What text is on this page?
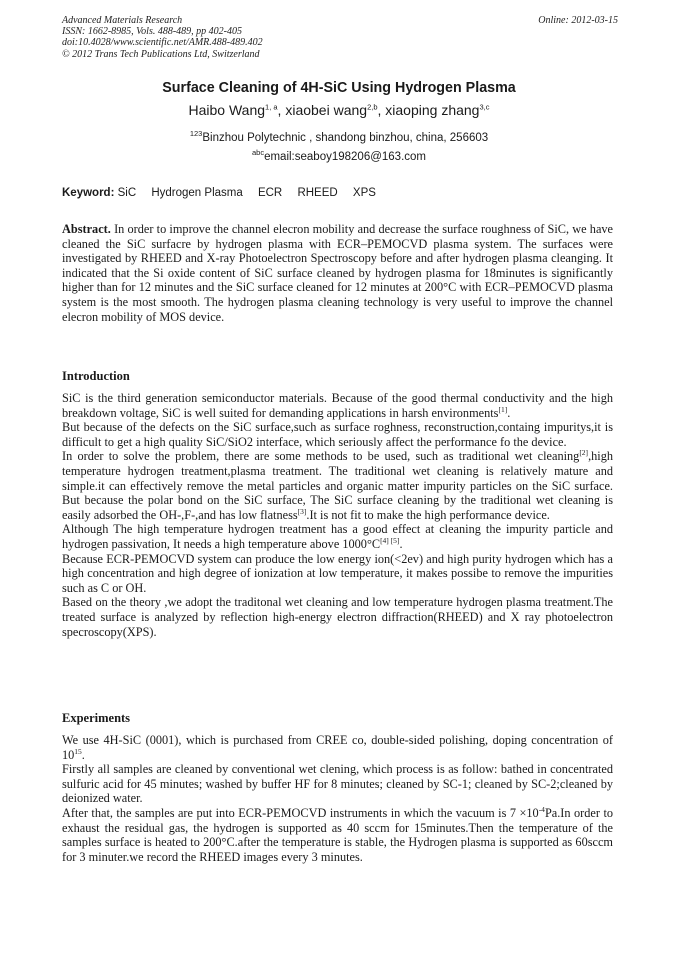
Advanced Materials Research
ISSN: 1662-8985, Vols. 488-489, pp 402-405
doi:10.4028/www.scientific.net/AMR.488-489.402
© 2012 Trans Tech Publications Ltd, Switzerland
Online: 2012-03-15
Surface Cleaning of 4H-SiC Using Hydrogen Plasma
Haibo Wang$^{1, a}$, xiaobei wang$^{2,b}$, xiaoping zhang$^{3,c}$
$^{123}$Binzhou Polytechnic , shandong binzhou, china, 256603
$^{abc}$email:seaboy198206@163.com
Keyword: SiC Hydrogen Plasma ECR RHEED XPS

Abstract. In order to improve the channel elecron mobility and decrease the surface roughness of SiC, we have cleaned the SiC surfacre by hydrogen plasma with ECR–PEMOCVD plasma system. The surfaces were investigated by RHEED and X-ray Photoelectron Spectroscopy before and after hydrogen plasma cleanging. It indicated that the Si oxide content of SiC surface cleaned by hydrogen plasma for 18minutes is significantly higher than for 12 minutes and the SiC surface cleaned for 12 minutes at 200°C with ECR–PEMOCVD plasma system is the most smooth. The hydrogen plasma cleaning technology is very useful to improve the channel elecron mobility of MOS device.

Introduction

SiC is the third generation semiconductor materials. Because of the good thermal conductivity and the high breakdown voltage, SiC is well suited for demanding applications in harsh environments[1].

But because of the defects on the SiC surface,such as surface roghness, reconstruction,containg impuritys,it is difficult to get a high quality SiC/SiO2 interface, which seriously affect the performance fo the device.

In order to solve the problem, there are some methods to be used, such as traditional wet cleaning[2],high temperature hydrogen treatment,plasma treatment. The traditional wet cleaning is relatively mature and simple.it can effectively remove the metal particles and organic matter impurity particles on the SiC surface. But because the polar bond on the SiC surface, The SiC surface cleaning by the traditional wet cleaning is easily adsorbed the OH-,F-,and has low flatness[3].It is not fit to make the high performance device.

Although The high temperature hydrogen treatment has a good effect at cleaning the impurity particle and hydrogen passivation, It needs a high temperature above 1000°C[4] [5].

Because ECR-PEMOCVD system can produce the low energy ion(<2ev) and high purity hydrogen which has a high concentration and high degree of ionization at low temperature, it makes possibe to remove the impurities such as C or OH.

Based on the theory ,we adopt the traditonal wet cleaning and low temperature hydrogen plasma treatment.The treated surface is analyzed by reflection high-energy electron diffraction(RHEED) and X ray photoelectron specroscopy(XPS).

Experiments

We use 4H-SiC (0001), which is purchased from CREE co, double-sided polishing, doping concentration of $10^{15}$.

Firstly all samples are cleaned by conventional wet clening, which process is as follow: bathed in concentrated sulfuric acid for 45 minutes; washed by buffer HF for 8 minutes; cleaned by SC-1; cleaned by SC-2;cleaned by deionized water.

After that, the samples are put into ECR-PEMOCVD instruments in which the vacuum is $7 \times 10^{-4}Pa.In$ order to exhaust the residual gas, the hydrogen is supported as 40 sccm for 15minutes.Then the temperature of the samples surface is heated to 200°C.after the temperature is stable, the Hydrogen plasma is supported as 60sccm for 3 minuter.we record the RHEED images every 3 minutes.
